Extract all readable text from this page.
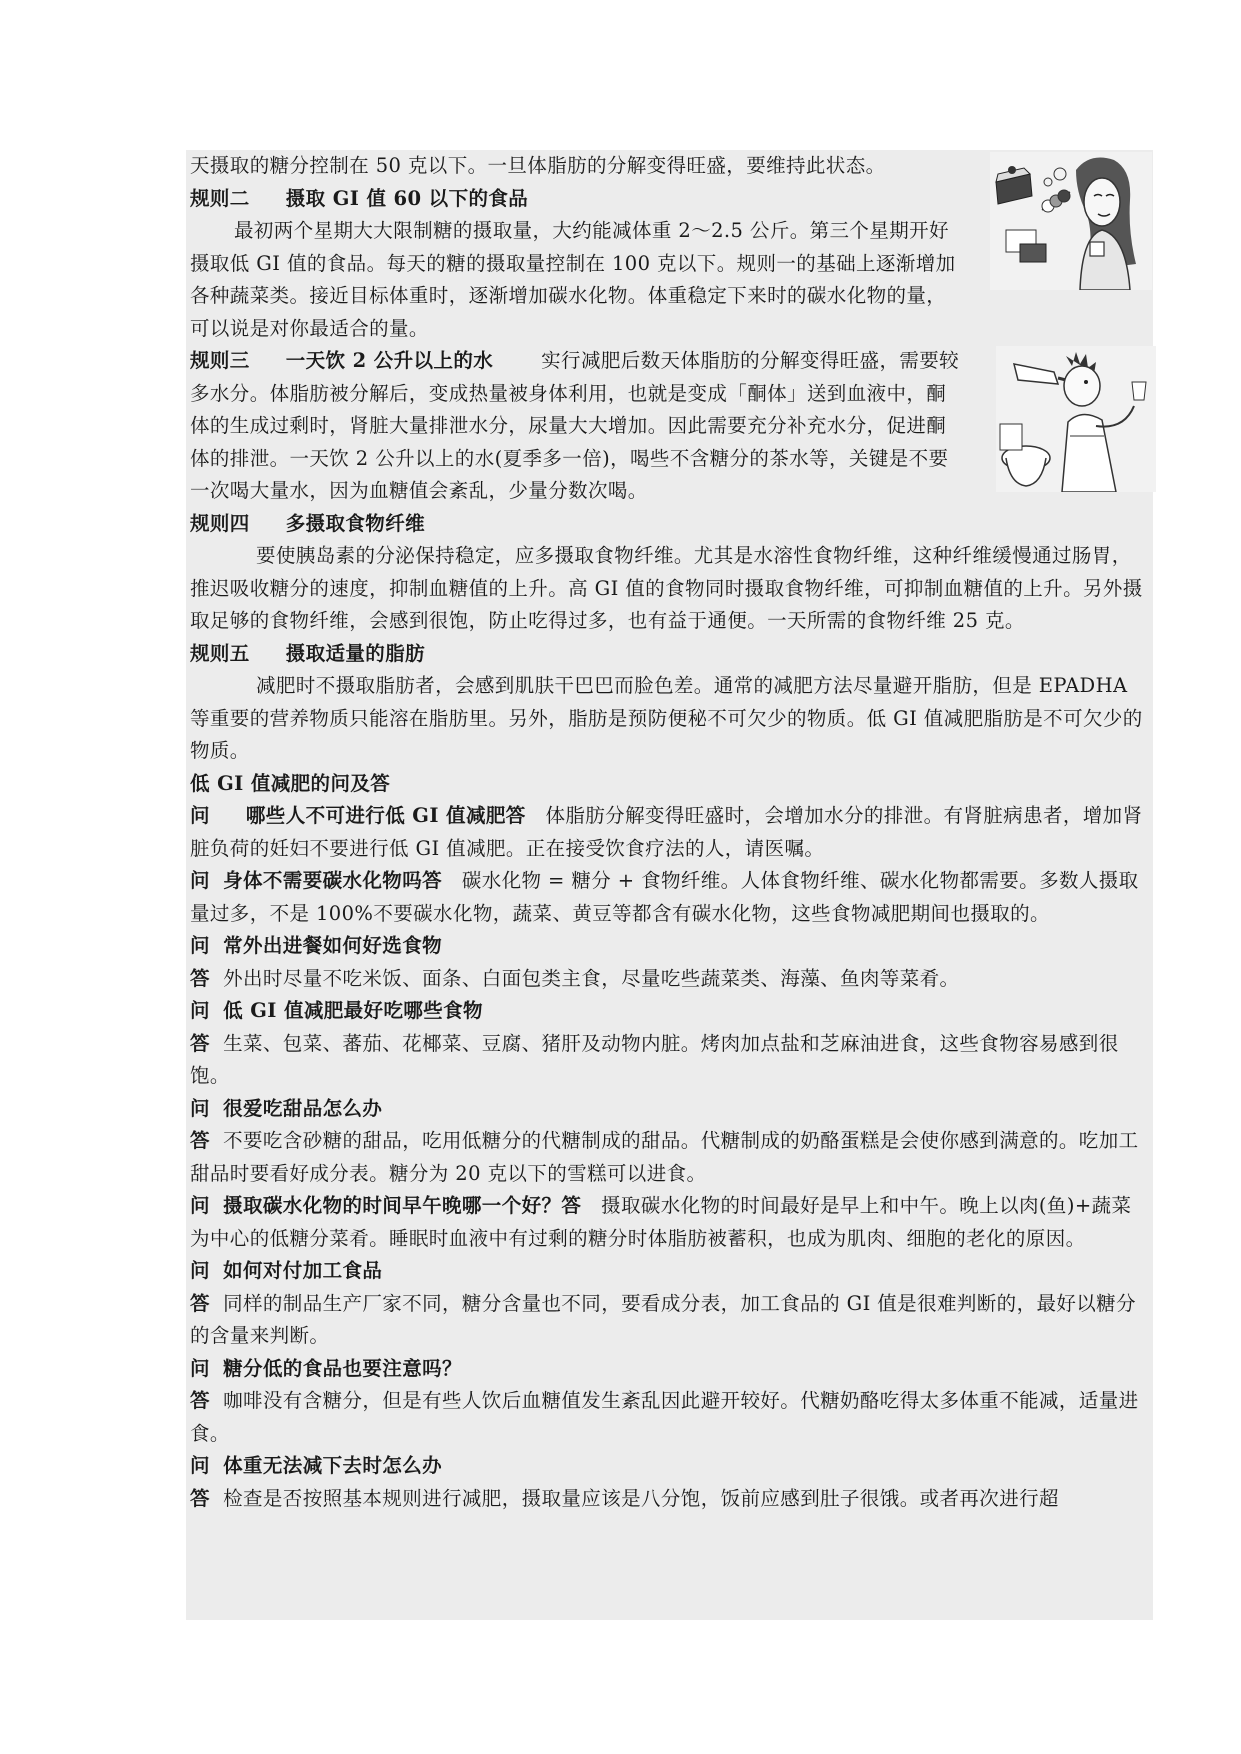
天摄取的糖分控制在 50 克以下。一旦体脂肪的分解变得旺盛，要维持此状态。

规则二 摄取 GI 值 60 以下的食品

最初两个星期大大限制糖的摄取量，大约能减体重 2～2.5 公斤。第三个星期开好摄取低 GI 值的食品。每天的糖的摄取量控制在 100 克以下。规则一的基础上逐渐增加各种蔬菜类。接近目标体重时，逐渐增加碳水化物。体重稳定下来时的碳水化物的量，可以说是对你最适合的量。

规则三 一天饮 2 公升以上的水 实行减肥后数天体脂肪的分解变得旺盛，需要较多水分。体脂肪被分解后，变成热量被身体利用，也就是变成「酮体」送到血液中，酮体的生成过剩时，肾脏大量排泄水分，尿量大大增加。因此需要充分补充水分，促进酮体的排泄。一天饮 2 公升以上的水(夏季多一倍)，喝些不含糖分的茶水等，关键是不要一次喝大量水，因为血糖值会紊乱，少量分数次喝。

规则四 多摄取食物纤维

要使胰岛素的分泌保持稳定，应多摄取食物纤维。尤其是水溶性食物纤维，这种纤维缓慢通过肠胃，推迟吸收糖分的速度，抑制血糖值的上升。高 GI 值的食物同时摄取食物纤维，可抑制血糖值的上升。另外摄取足够的食物纤维，会感到很饱，防止吃得过多，也有益于通便。一天所需的食物纤维 25 克。

规则五 摄取适量的脂肪

减肥时不摄取脂肪者，会感到肌肤干巴巴而脸色差。通常的减肥方法尽量避开脂肪，但是 EPADHA 等重要的营养物质只能溶在脂肪里。另外，脂肪是预防便秘不可欠少的物质。低 GI 值减肥脂肪是不可欠少的物质。

低 GI 值减肥的问及答

问 哪些人不可进行低 GI 值减肥答 体脂肪分解变得旺盛时，会增加水分的排泄。有肾脏病患者，增加肾脏负荷的妊妇不要进行低 GI 值减肥。正在接受饮食疗法的人，请医嘱。

问 身体不需要碳水化物吗答 碳水化物 = 糖分 + 食物纤维。人体食物纤维、碳水化物都需要。多数人摄取量过多，不是 100%不要碳水化物，蔬菜、黄豆等都含有碳水化物，这些食物减肥期间也摄取的。

问 常外出进餐如何好选食物

答 外出时尽量不吃米饭、面条、白面包类主食，尽量吃些蔬菜类、海藻、鱼肉等菜肴。

问 低 GI 值减肥最好吃哪些食物

答 生菜、包菜、蕃茄、花椰菜、豆腐、猪肝及动物内脏。烤肉加点盐和芝麻油进食，这些食物容易感到很饱。

问 很爱吃甜品怎么办

答 不要吃含砂糖的甜品，吃用低糖分的代糖制成的甜品。代糖制成的奶酪蛋糕是会使你感到满意的。吃加工甜品时要看好成分表。糖分为 20 克以下的雪糕可以进食。

问 摄取碳水化物的时间早午晚哪一个好？答 摄取碳水化物的时间最好是早上和中午。晚上以肉(鱼)+蔬菜为中心的低糖分菜肴。睡眠时血液中有过剩的糖分时体脂肪被蓄积，也成为肌肉、细胞的老化的原因。

问 如何对付加工食品

答 同样的制品生产厂家不同，糖分含量也不同，要看成分表，加工食品的 GI 值是很难判断的，最好以糖分的含量来判断。

问 糖分低的食品也要注意吗？

答 咖啡没有含糖分，但是有些人饮后血糖值发生紊乱因此避开较好。代糖奶酪吃得太多体重不能减，适量进食。

问 体重无法减下去时怎么办

答 检查是否按照基本规则进行减肥，摄取量应该是八分饱，饭前应感到肚子很饿。或者再次进行超
